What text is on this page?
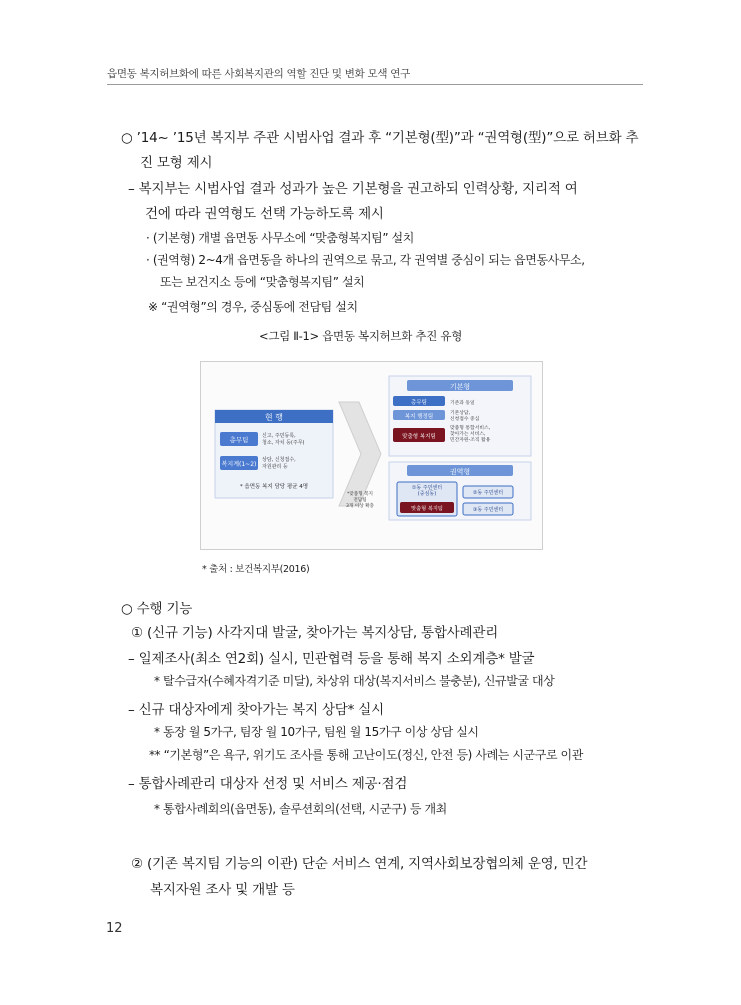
읍면동 복지허브화에 따른 사회복지관의 역할 진단 및 변화 모색 연구
○ ’14~ ’15년 복지부 주관 시범사업 결과 후 “기본형(型)”과 “권역형(型)”으로 허브화 추
진 모형 제시
– 복지부는 시범사업 결과 성과가 높은 기본형을 권고하되 인력상황, 지리적 여
건에 따라 권역형도 선택 가능하도록 제시
· (기본형) 개별 읍면동 사무소에 “맞춤형복지팀” 설치
· (권역형) 2~4개 읍면동을 하나의 권역으로 묶고, 각 권역별 중심이 되는 읍면동사무소,
또는 보건지소 등에 “맞춤형복지팀” 설치
※ “권역형”의 경우, 중심동에 전담팀 설치
<그림 Ⅱ-1> 읍면동 복지허브화 추진 유형
현 행
총무팀	신고, 주민등록, 청소, 자치 등(주무)
복지계(1~2)
상담, 신청접수, 자원관리 등
* 읍면동 복지 담당 평균 4명
기본형
총무팀	기존과 동일
복지 행정팀
기본상담, 신청접수 중심
맞춤형 복지팀
맞춤형 통합서비스, 찾아가는 서비스, 민간자원-조직 활용
권역형
①동 주민센터 (중심동)
맞춤형 복지팀
②동 주민센터
③동 주민센터
*맞춤형 복지 전담팀 3개 이상 확충
* 출처 : 보건복지부(2016)
○ 수행 기능
① (신규 기능) 사각지대 발굴, 찾아가는 복지상담, 통합사례관리
– 일제조사(최소 연2회) 실시, 민관협력 등을 통해 복지 소외계층* 발굴
* 탈수급자(수혜자격기준 미달), 차상위 대상(복지서비스 불충분), 신규발굴 대상
– 신규 대상자에게 찾아가는 복지 상담* 실시
* 동장 월 5가구, 팀장 월 10가구, 팀원 월 15가구 이상 상담 실시
** “기본형”은 욕구, 위기도 조사를 통해 고난이도(정신, 안전 등) 사례는 시군구로 이관
– 통합사례관리 대상자 선정 및 서비스 제공‧점검
* 통합사례회의(읍면동), 솔루션회의(선택, 시군구) 등 개최
② (기존 복지팀 기능의 이관) 단순 서비스 연계, 지역사회보장협의체 운영, 민간
복지자원 조사 및 개발 등
12
